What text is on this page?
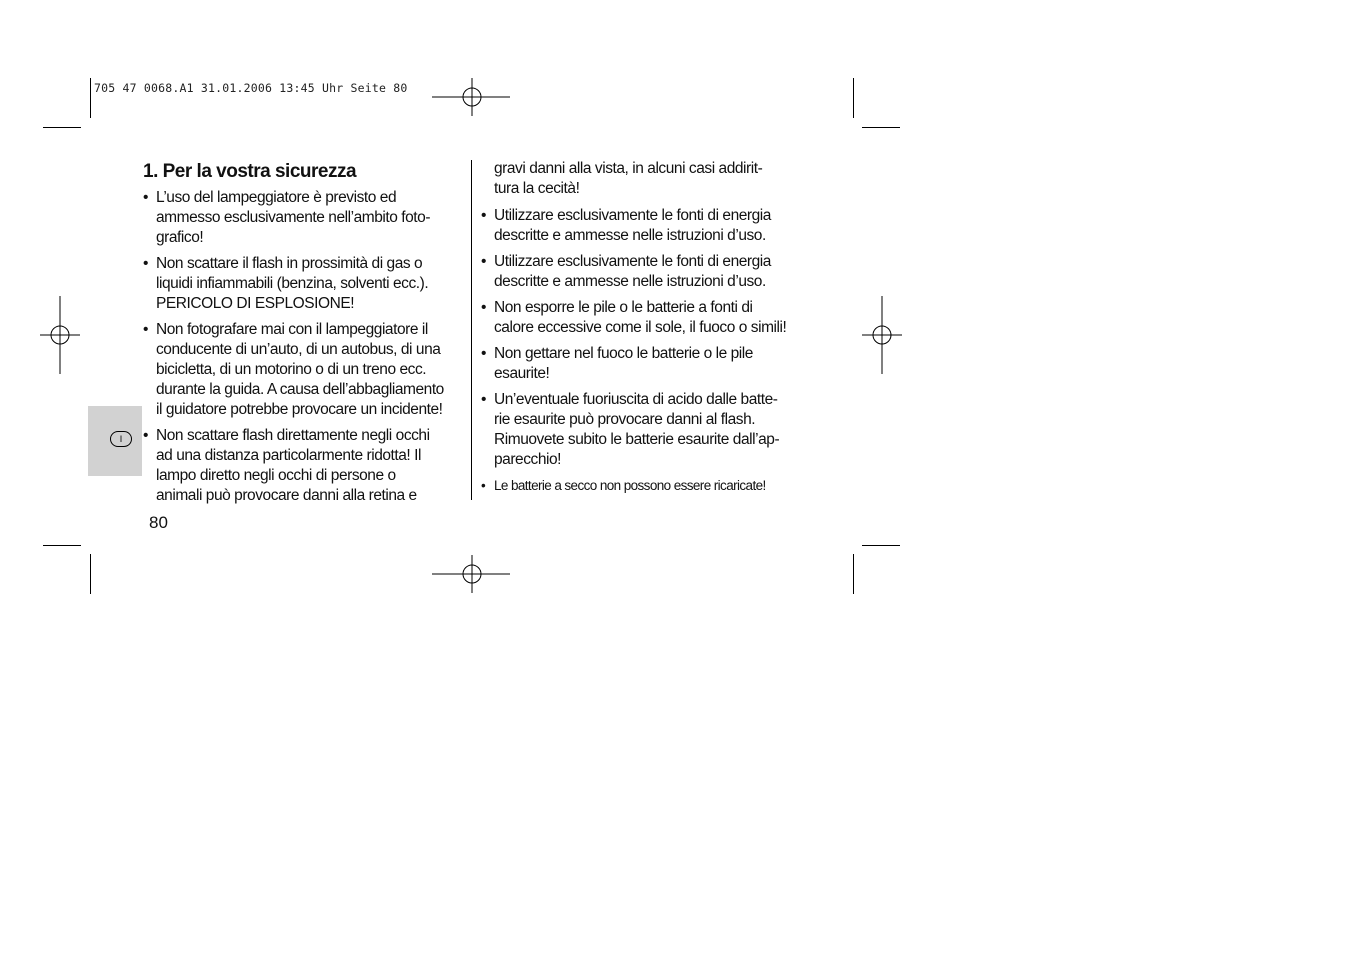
705 47 0068.A1 31.01.2006 13:45 Uhr Seite 80
I
1. Per la vostra sicurezza
• L’uso del lampeggiatore è previsto ed
ammesso esclusivamente nell’ambito foto-
grafico!
• Non scattare il flash in prossimità di gas o
liquidi infiammabili (benzina, solventi ecc.).
PERICOLO DI ESPLOSIONE!
• Non fotografare mai con il lampeggiatore il
conducente di un’auto, di un autobus, di una
bicicletta, di un motorino o di un treno ecc.
durante la guida. A causa dell’abbagliamento
il guidatore potrebbe provocare un incidente!
• Non scattare flash direttamente negli occhi
ad una distanza particolarmente ridotta! Il
lampo diretto negli occhi di persone o
animali può provocare danni alla retina e
gravi danni alla vista, in alcuni casi addirit-
tura la cecità!
• Utilizzare esclusivamente le fonti di energia
descritte e ammesse nelle istruzioni d’uso.
• Utilizzare esclusivamente le fonti di energia
descritte e ammesse nelle istruzioni d’uso.
• Non esporre le pile o le batterie a fonti di
calore eccessive come il sole, il fuoco o simili!
• Non gettare nel fuoco le batterie o le pile
esaurite!
• Un’eventuale fuoriuscita di acido dalle batte-
rie esaurite può provocare danni al flash.
Rimuovete subito le batterie esaurite dall’ap-
parecchio!
• Le batterie a secco non possono essere ricaricate!
80
